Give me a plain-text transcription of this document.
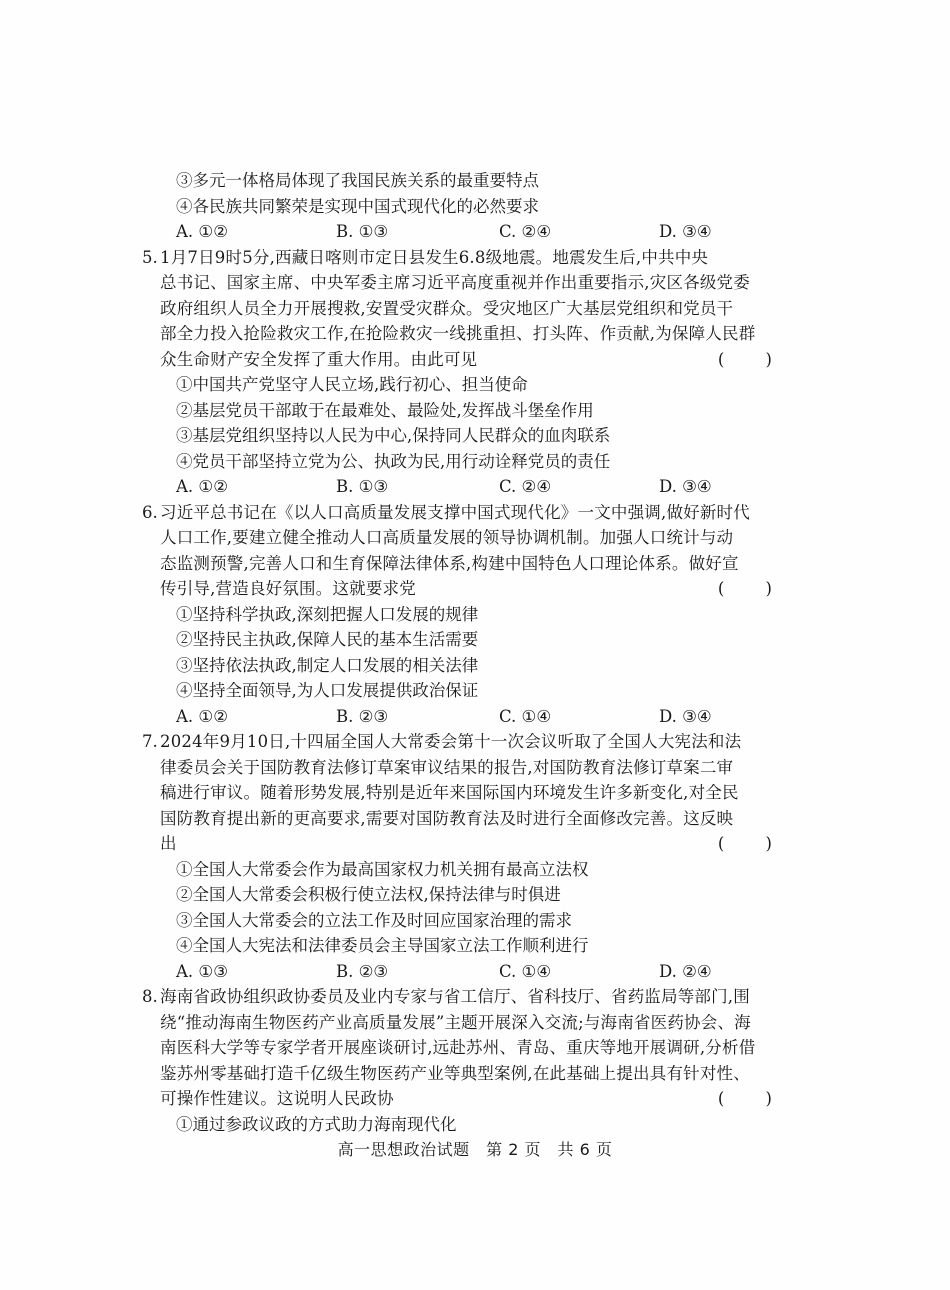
③多元一体格局体现了我国民族关系的最重要特点
④各民族共同繁荣是实现中国式现代化的必然要求
A. ①②	B. ①③	C. ②④	D. ③④
5. 1月7日9时5分,西藏日喀则市定日县发生6.8级地震。地震发生后,中共中央
总书记、国家主席、中央军委主席习近平高度重视并作出重要指示,灾区各级党委
政府组织人员全力开展搜救,安置受灾群众。受灾地区广大基层党组织和党员干
部全力投入抢险救灾工作,在抢险救灾一线挑重担、打头阵、作贡献,为保障人民群
众生命财产安全发挥了重大作用。由此可见	( )
①中国共产党坚守人民立场,践行初心、担当使命
②基层党员干部敢于在最难处、最险处,发挥战斗堡垒作用
③基层党组织坚持以人民为中心,保持同人民群众的血肉联系
④党员干部坚持立党为公、执政为民,用行动诠释党员的责任
A. ①②	B. ①③	C. ②④	D. ③④
6. 习近平总书记在《以人口高质量发展支撑中国式现代化》一文中强调,做好新时代
人口工作,要建立健全推动人口高质量发展的领导协调机制。加强人口统计与动
态监测预警,完善人口和生育保障法律体系,构建中国特色人口理论体系。做好宣
传引导,营造良好氛围。这就要求党	( )
①坚持科学执政,深刻把握人口发展的规律
②坚持民主执政,保障人民的基本生活需要
③坚持依法执政,制定人口发展的相关法律
④坚持全面领导,为人口发展提供政治保证
A. ①②	B. ②③	C. ①④	D. ③④
7. 2024年9月10日,十四届全国人大常委会第十一次会议听取了全国人大宪法和法
律委员会关于国防教育法修订草案审议结果的报告,对国防教育法修订草案二审
稿进行审议。随着形势发展,特别是近年来国际国内环境发生许多新变化,对全民
国防教育提出新的更高要求,需要对国防教育法及时进行全面修改完善。这反映
出	( )
①全国人大常委会作为最高国家权力机关拥有最高立法权
②全国人大常委会积极行使立法权,保持法律与时俱进
③全国人大常委会的立法工作及时回应国家治理的需求
④全国人大宪法和法律委员会主导国家立法工作顺利进行
A. ①③	B. ②③	C. ①④	D. ②④
8. 海南省政协组织政协委员及业内专家与省工信厅、省科技厅、省药监局等部门,围
绕“推动海南生物医药产业高质量发展”主题开展深入交流;与海南省医药协会、海
南医科大学等专家学者开展座谈研讨,远赴苏州、青岛、重庆等地开展调研,分析借
鉴苏州零基础打造千亿级生物医药产业等典型案例,在此基础上提出具有针对性、
可操作性建议。这说明人民政协	( )
①通过参政议政的方式助力海南现代化
高一思想政治试题　第 2 页　共 6 页
